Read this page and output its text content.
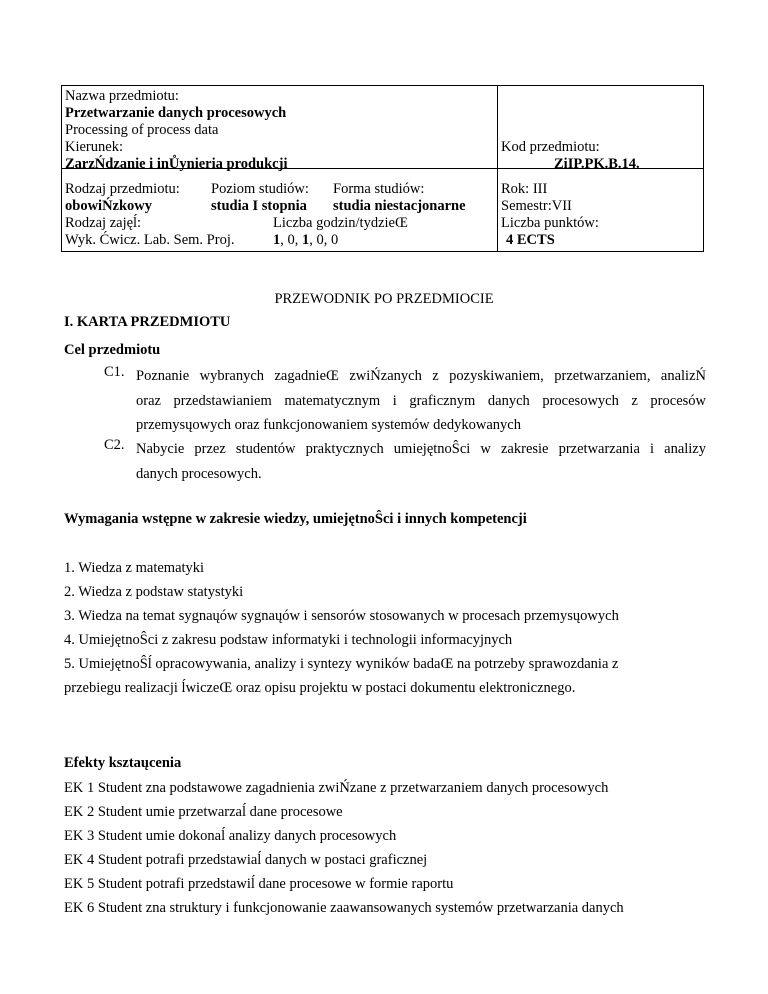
Nazwa przedmiotu:
Przetwarzanie danych procesowych
Processing of process data
Kierunek:
ZarzŃdzanie i inŮynieria produkcji
Kod przedmiotu:
ZiIP.PK.B.14.
Rodzaj przedmiotu:
obowiŃzkowy
Poziom studiów:
studia I stopnia
Forma studiów:
studia niestacjonarne
Rodzaj zajęĺ:
Wyk. Ćwicz. Lab. Sem. Proj.
Liczba godzin/tydzieŒ
1, 0, 1, 0, 0
Rok: III
Semestr:VII
Liczba punktów:
4 ECTS
PRZEWODNIK PO PRZEDMIOCIE
I. KARTA PRZEDMIOTU
Cel przedmiotu
C1. Poznanie wybranych zagadnieŒ zwiŃzanych z pozyskiwaniem, przetwarzaniem, analizŃ
oraz przedstawianiem matematycznym i graficznym danych procesowych z procesów
przemysųowych oraz funkcjonowaniem systemów dedykowanych
C2. Nabycie przez studentów praktycznych umiejętnoŜci w zakresie przetwarzania i analizy
danych procesowych.
Wymagania wstępne w zakresie wiedzy, umiejętnoŜci i innych kompetencji
1. Wiedza z matematyki
2. Wiedza z podstaw statystyki
3. Wiedza na temat sygnaųów sygnaųów i sensorów stosowanych w procesach przemysųowych
4. UmiejętnoŜci z zakresu podstaw informatyki i technologii informacyjnych
5. UmiejętnoŜĺ opracowywania, analizy i syntezy wyników badaŒ na potrzeby sprawozdania z
przebiegu realizacji ĺwiczeŒ oraz opisu projektu w postaci dokumentu elektronicznego.
Efekty ksztaųcenia
EK 1 Student zna podstawowe zagadnienia zwiŃzane z przetwarzaniem danych procesowych
EK 2 Student umie przetwarzaĺ dane procesowe
EK 3 Student umie dokonaĺ analizy danych procesowych
EK 4 Student potrafi przedstawiaĺ danych w postaci graficznej
EK 5 Student potrafi przedstawiĺ dane procesowe w formie raportu
EK 6 Student zna struktury i funkcjonowanie zaawansowanych systemów przetwarzania danych
